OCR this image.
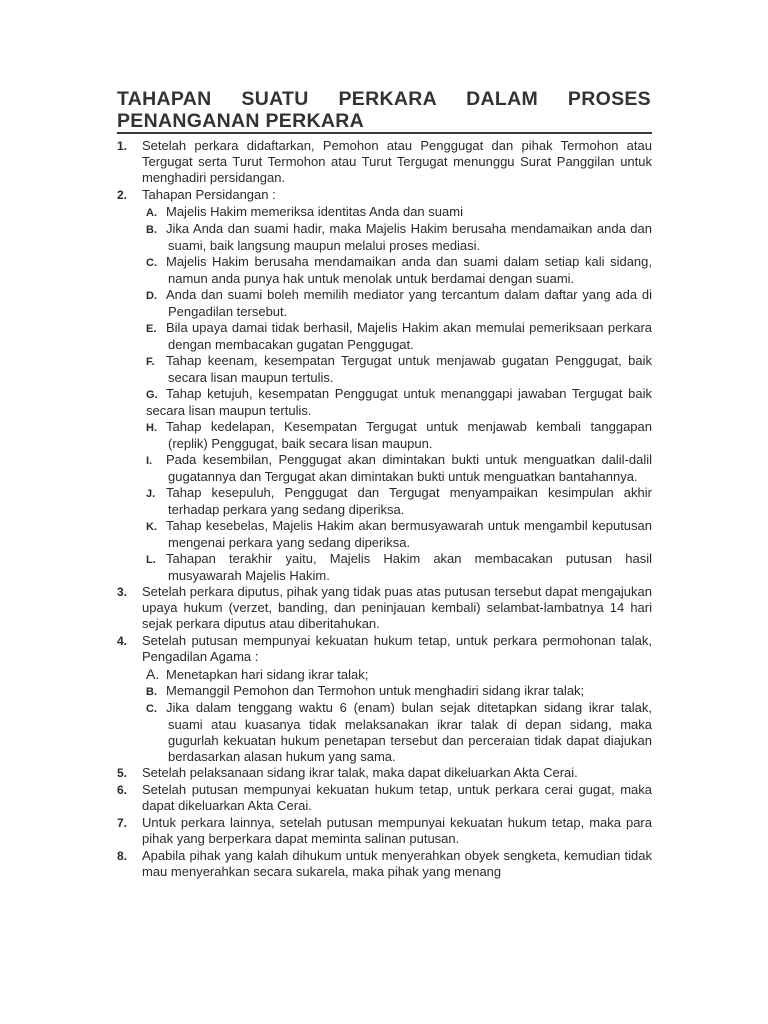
TAHAPAN SUATU PERKARA DALAM PROSES PENANGANAN PERKARA
1.	Setelah perkara didaftarkan, Pemohon atau Penggugat dan pihak Termohon atau Tergugat serta Turut Termohon atau Turut Tergugat menunggu Surat Panggilan untuk menghadiri persidangan.
2.	Tahapan Persidangan :
A. Majelis Hakim memeriksa identitas Anda dan suami
B. Jika Anda dan suami hadir, maka Majelis Hakim berusaha mendamaikan anda dan suami, baik langsung maupun melalui proses mediasi.
C. Majelis Hakim berusaha mendamaikan anda dan suami dalam setiap kali sidang, namun anda punya hak untuk menolak untuk berdamai dengan suami.
D. Anda dan suami boleh memilih mediator yang tercantum dalam daftar yang ada di Pengadilan tersebut.
E. Bila upaya damai tidak berhasil, Majelis Hakim akan memulai pemeriksaan perkara dengan membacakan gugatan Penggugat.
F. Tahap keenam, kesempatan Tergugat untuk menjawab gugatan Penggugat, baik secara lisan maupun tertulis.
G. Tahap ketujuh, kesempatan Penggugat untuk menanggapi jawaban Tergugat baik secara lisan maupun tertulis.
H. Tahap kedelapan, Kesempatan Tergugat untuk menjawab kembali tanggapan (replik) Penggugat, baik secara lisan maupun.
I. Pada kesembilan, Penggugat akan dimintakan bukti untuk menguatkan dalil-dalil gugatannya dan Tergugat akan dimintakan bukti untuk menguatkan bantahannya.
J. Tahap kesepuluh, Penggugat dan Tergugat menyampaikan kesimpulan akhir terhadap perkara yang sedang diperiksa.
K. Tahap kesebelas, Majelis Hakim akan bermusyawarah untuk mengambil keputusan mengenai perkara yang sedang diperiksa.
L. Tahapan terakhir yaitu, Majelis Hakim akan membacakan putusan hasil musyawarah Majelis Hakim.
3.	Setelah perkara diputus, pihak yang tidak puas atas putusan tersebut dapat mengajukan upaya hukum (verzet, banding, dan peninjauan kembali) selambat-lambatnya 14 hari sejak perkara diputus atau diberitahukan.
4.	Setelah putusan mempunyai kekuatan hukum tetap, untuk perkara permohonan talak, Pengadilan Agama :
A. Menetapkan hari sidang ikrar talak;
B. Memanggil Pemohon dan Termohon untuk menghadiri sidang ikrar talak;
C. Jika dalam tenggang waktu 6 (enam) bulan sejak ditetapkan sidang ikrar talak, suami atau kuasanya tidak melaksanakan ikrar talak di depan sidang, maka gugurlah kekuatan hukum penetapan tersebut dan perceraian tidak dapat diajukan berdasarkan alasan hukum yang sama.
5.	Setelah pelaksanaan sidang ikrar talak, maka dapat dikeluarkan Akta Cerai.
6.	Setelah putusan mempunyai kekuatan hukum tetap, untuk perkara cerai gugat, maka dapat dikeluarkan Akta Cerai.
7.	Untuk perkara lainnya, setelah putusan mempunyai kekuatan hukum tetap, maka para pihak yang berperkara dapat meminta salinan putusan.
8.	Apabila pihak yang kalah dihukum untuk menyerahkan obyek sengketa, kemudian tidak mau menyerahkan secara sukarela, maka pihak yang menang
